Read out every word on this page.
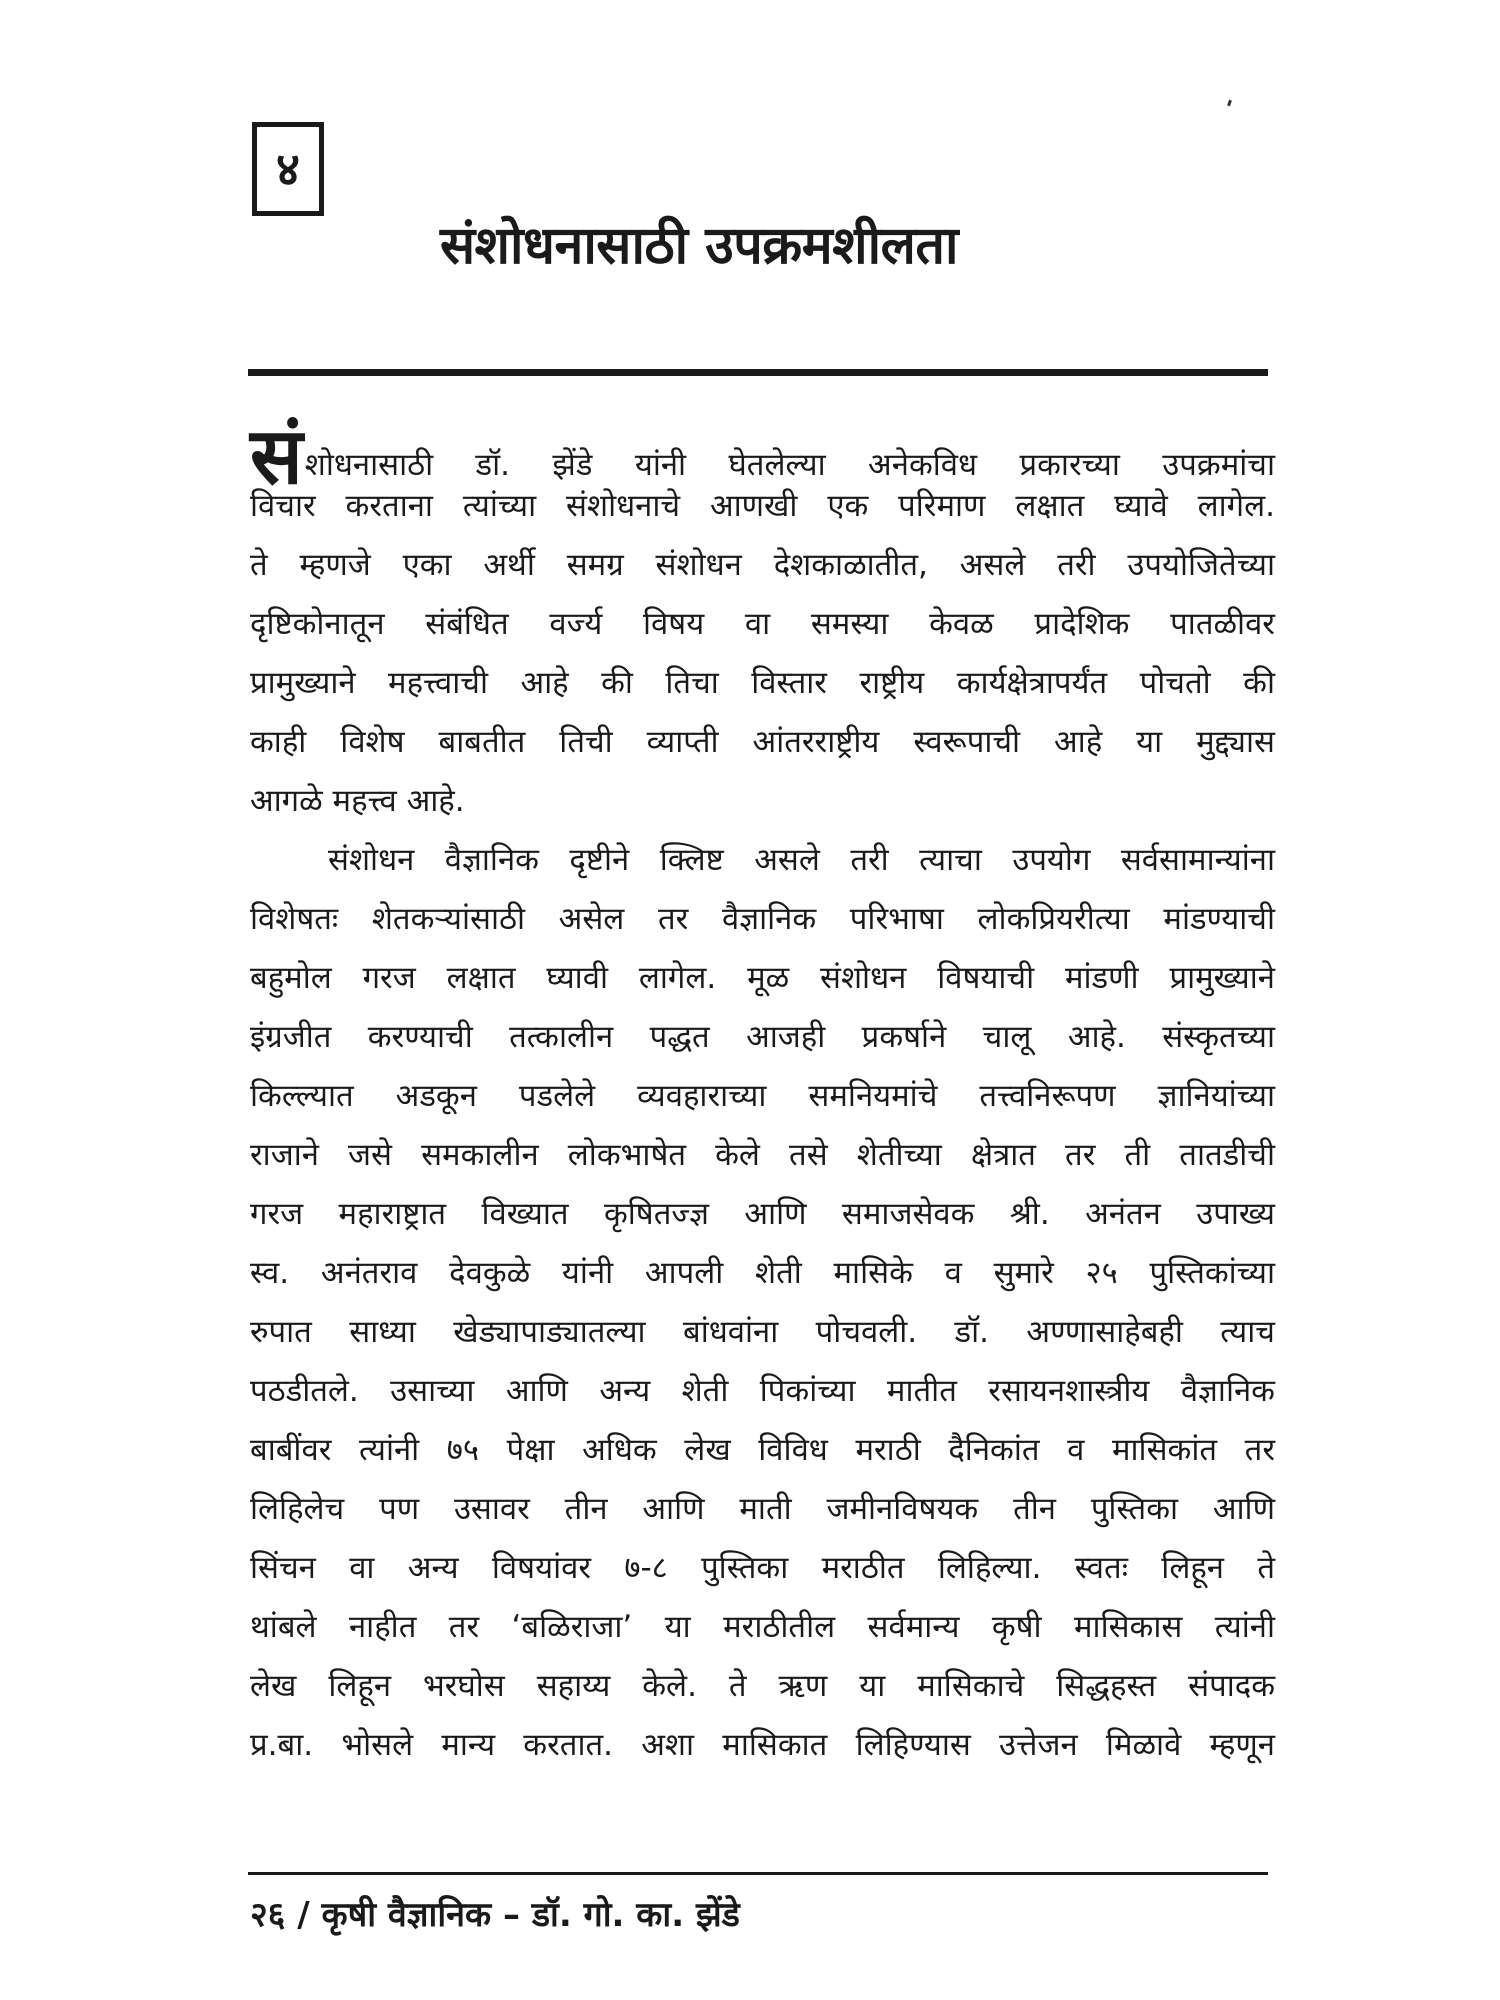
४
संशोधनासाठी उपक्रमशीलता
संशोधनासाठी डॉ. झेंडे यांनी घेतलेल्या अनेकविध प्रकारच्या उपक्रमांचा
विचार करताना त्यांच्या संशोधनाचे आणखी एक परिमाण लक्षात घ्यावे लागेल.
ते म्हणजे एका अर्थी समग्र संशोधन देशकाळातीत, असले तरी उपयोजितेच्या
दृष्टिकोनातून संबंधित वर्ज्य विषय वा समस्या केवळ प्रादेशिक पातळीवर
प्रामुख्याने महत्त्वाची आहे की तिचा विस्तार राष्ट्रीय कार्यक्षेत्रापर्यंत पोचतो की
काही विशेष बाबतीत तिची व्याप्ती आंतरराष्ट्रीय स्वरूपाची आहे या मुद्द्यास
आगळे महत्त्व आहे.
संशोधन वैज्ञानिक दृष्टीने क्लिष्ट असले तरी त्याचा उपयोग सर्वसामान्यांना
विशेषतः शेतकऱ्यांसाठी असेल तर वैज्ञानिक परिभाषा लोकप्रियरीत्या मांडण्याची
बहुमोल गरज लक्षात घ्यावी लागेल. मूळ संशोधन विषयाची मांडणी प्रामुख्याने
इंग्रजीत करण्याची तत्कालीन पद्धत आजही प्रकर्षाने चालू आहे. संस्कृतच्या
किल्ल्यात अडकून पडलेले व्यवहाराच्या समनियमांचे तत्त्वनिरूपण ज्ञानियांच्या
राजाने जसे समकालीन लोकभाषेत केले तसे शेतीच्या क्षेत्रात तर ती तातडीची
गरज महाराष्ट्रात विख्यात कृषितज्ज्ञ आणि समाजसेवक श्री. अनंतन उपाख्य
स्व. अनंतराव देवकुळे यांनी आपली शेती मासिके व सुमारे २५ पुस्तिकांच्या
रुपात साध्या खेड्यापाड्यातल्या बांधवांना पोचवली. डॉ. अण्णासाहेबही त्याच
पठडीतले. उसाच्या आणि अन्य शेती पिकांच्या मातीत रसायनशास्त्रीय वैज्ञानिक
बाबींवर त्यांनी ७५ पेक्षा अधिक लेख विविध मराठी दैनिकांत व मासिकांत तर
लिहिलेच पण उसावर तीन आणि माती जमीनविषयक तीन पुस्तिका आणि
सिंचन वा अन्य विषयांवर ७-८ पुस्तिका मराठीत लिहिल्या. स्वतः लिहून ते
थांबले नाहीत तर ‘बळिराजा’ या मराठीतील सर्वमान्य कृषी मासिकास त्यांनी
लेख लिहून भरघोस सहाय्य केले. ते ऋण या मासिकाचे सिद्धहस्त संपादक
प्र.बा. भोसले मान्य करतात. अशा मासिकात लिहिण्यास उत्तेजन मिळावे म्हणून
२६ / कृषी वैज्ञानिक – डॉ. गो. का. झेंडे
